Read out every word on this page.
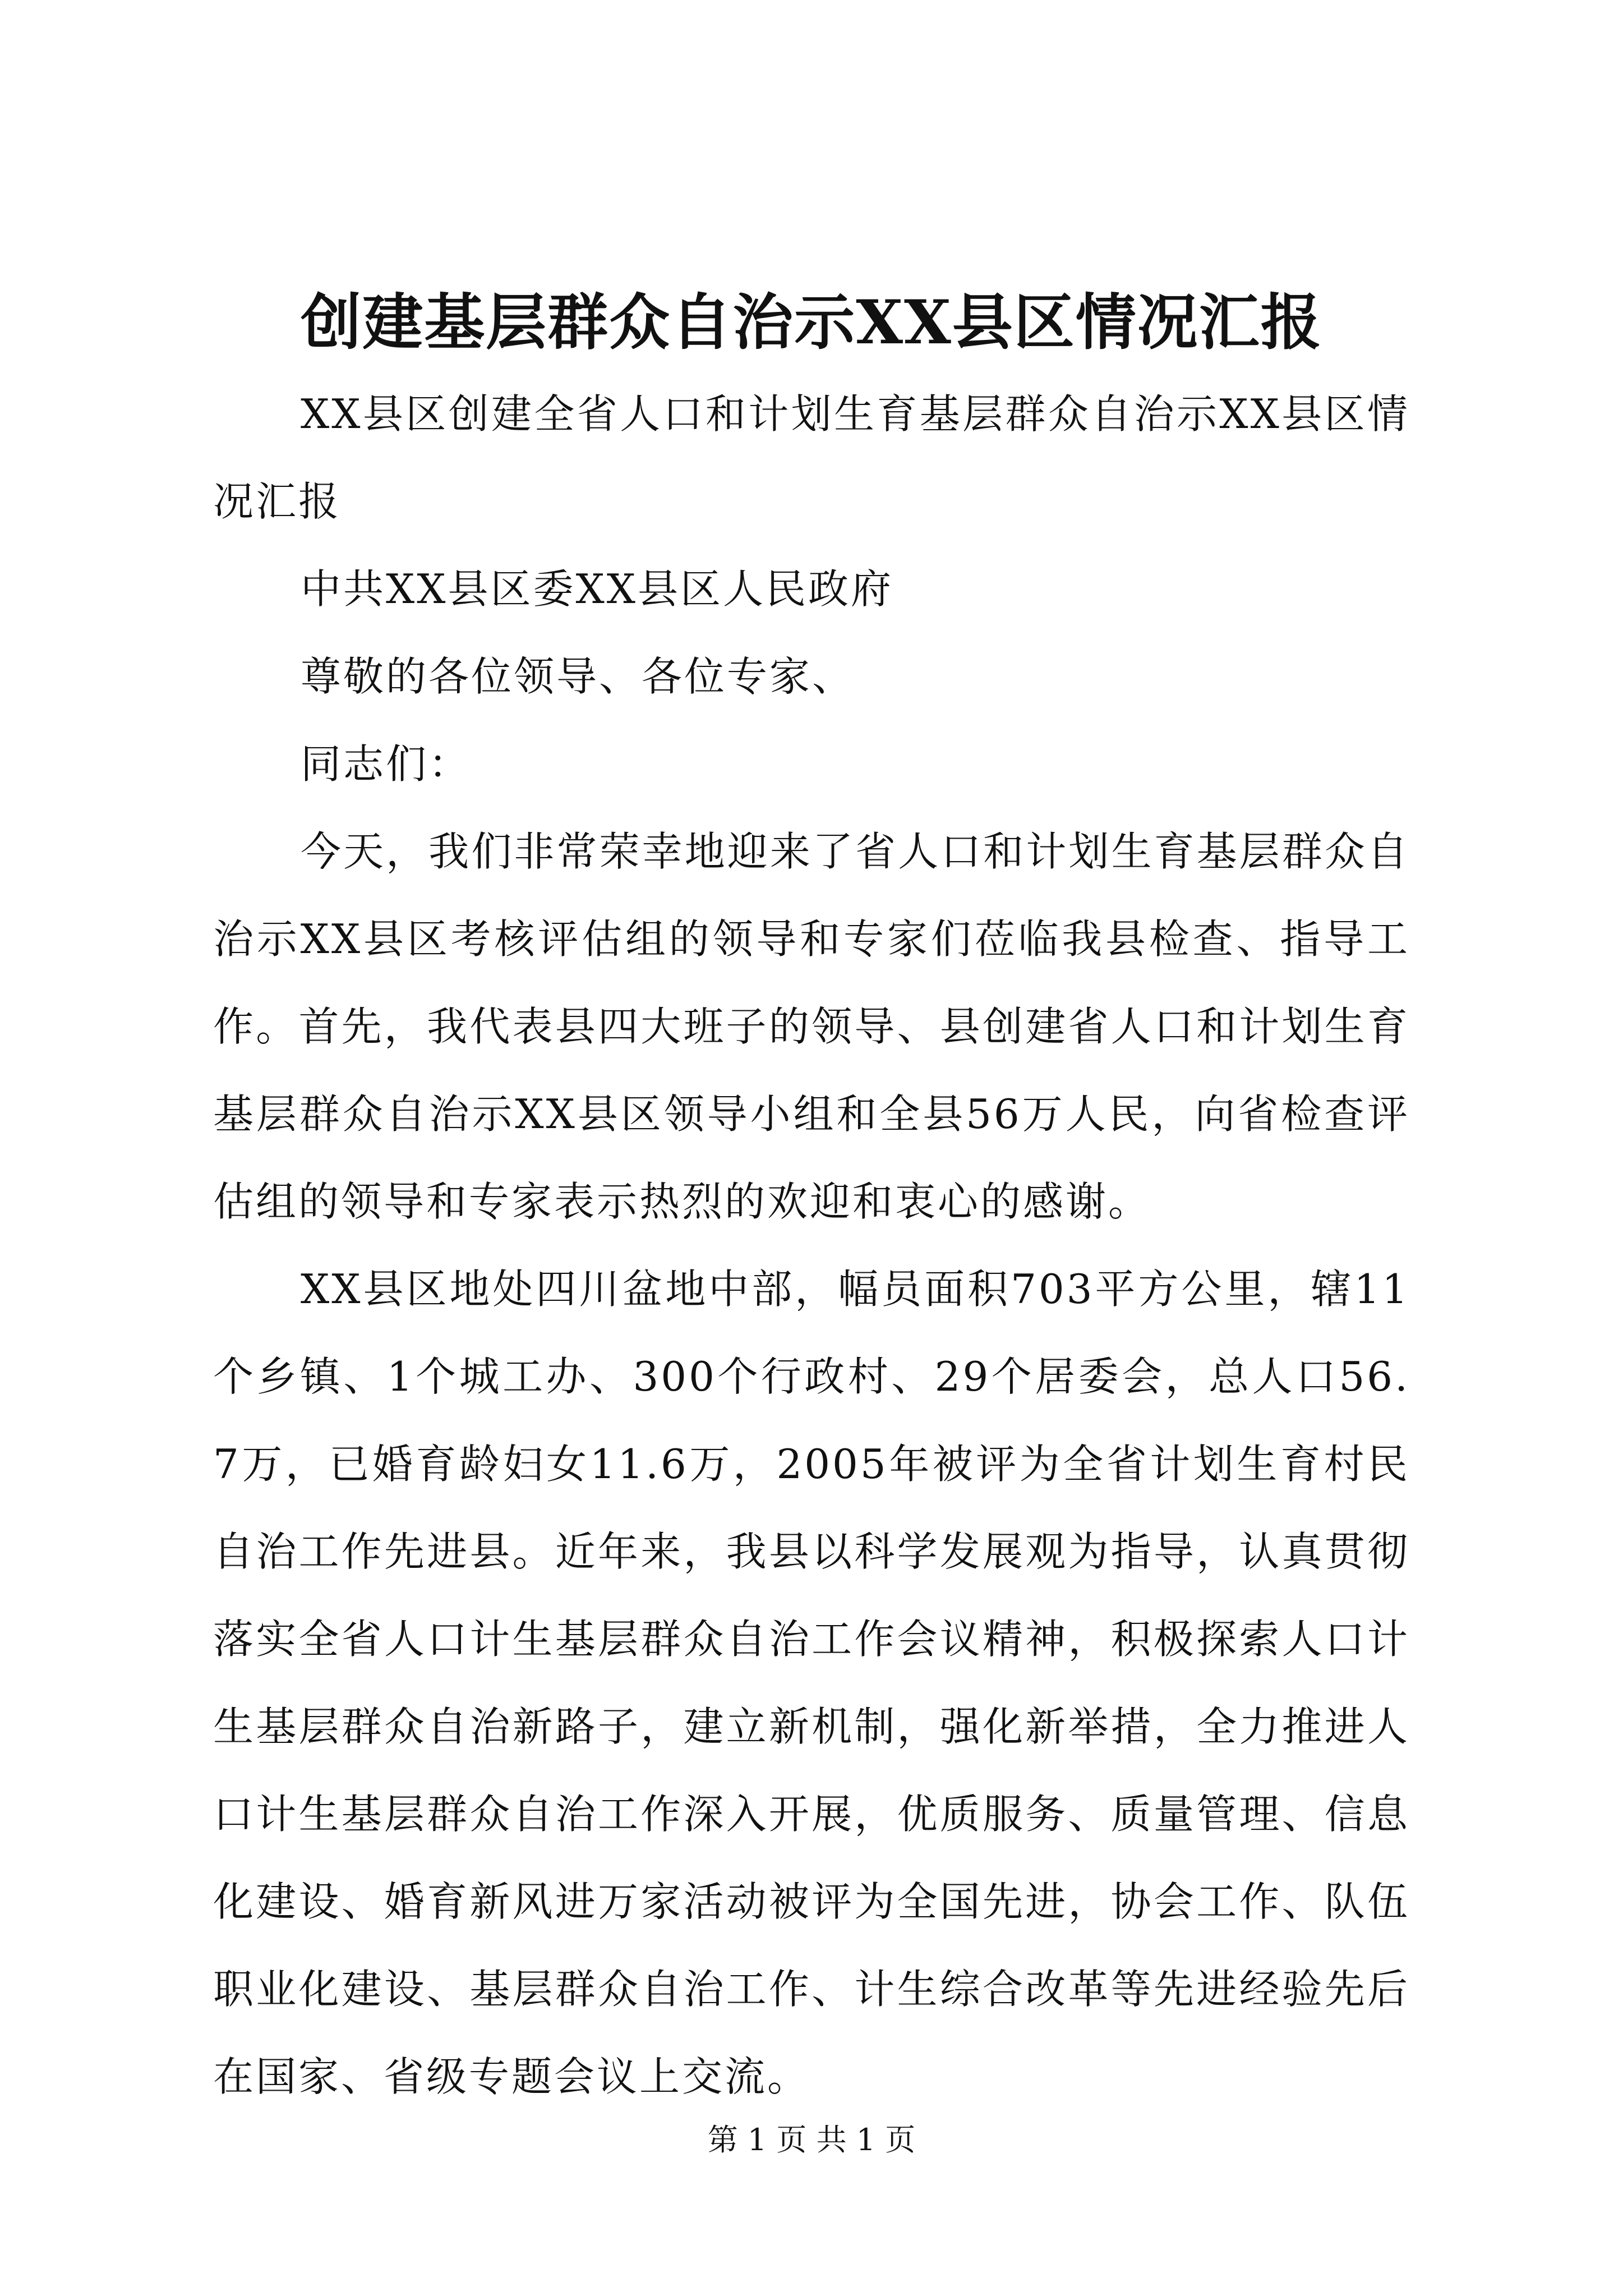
创建基层群众自治示XX县区情况汇报

XX县区创建全省人口和计划生育基层群众自治示XX县区情况汇报

中共XX县区委XX县区人民政府

尊敬的各位领导、各位专家、

同志们：

今天，我们非常荣幸地迎来了省人口和计划生育基层群众自治示XX县区考核评估组的领导和专家们莅临我县检查、指导工作。首先，我代表县四大班子的领导、县创建省人口和计划生育基层群众自治示XX县区领导小组和全县56万人民，向省检查评估组的领导和专家表示热烈的欢迎和衷心的感谢。

XX县区地处四川盆地中部，幅员面积703平方公里，辖11个乡镇、1个城工办、300个行政村、29个居委会，总人口56.7万，已婚育龄妇女11.6万，2005年被评为全省计划生育村民自治工作先进县。近年来，我县以科学发展观为指导，认真贯彻落实全省人口计生基层群众自治工作会议精神，积极探索人口计生基层群众自治新路子，建立新机制，强化新举措，全力推进人口计生基层群众自治工作深入开展，优质服务、质量管理、信息化建设、婚育新风进万家活动被评为全国先进，协会工作、队伍职业化建设、基层群众自治工作、计生综合改革等先进经验先后在国家、省级专题会议上交流。

第 1 页 共 1 页
